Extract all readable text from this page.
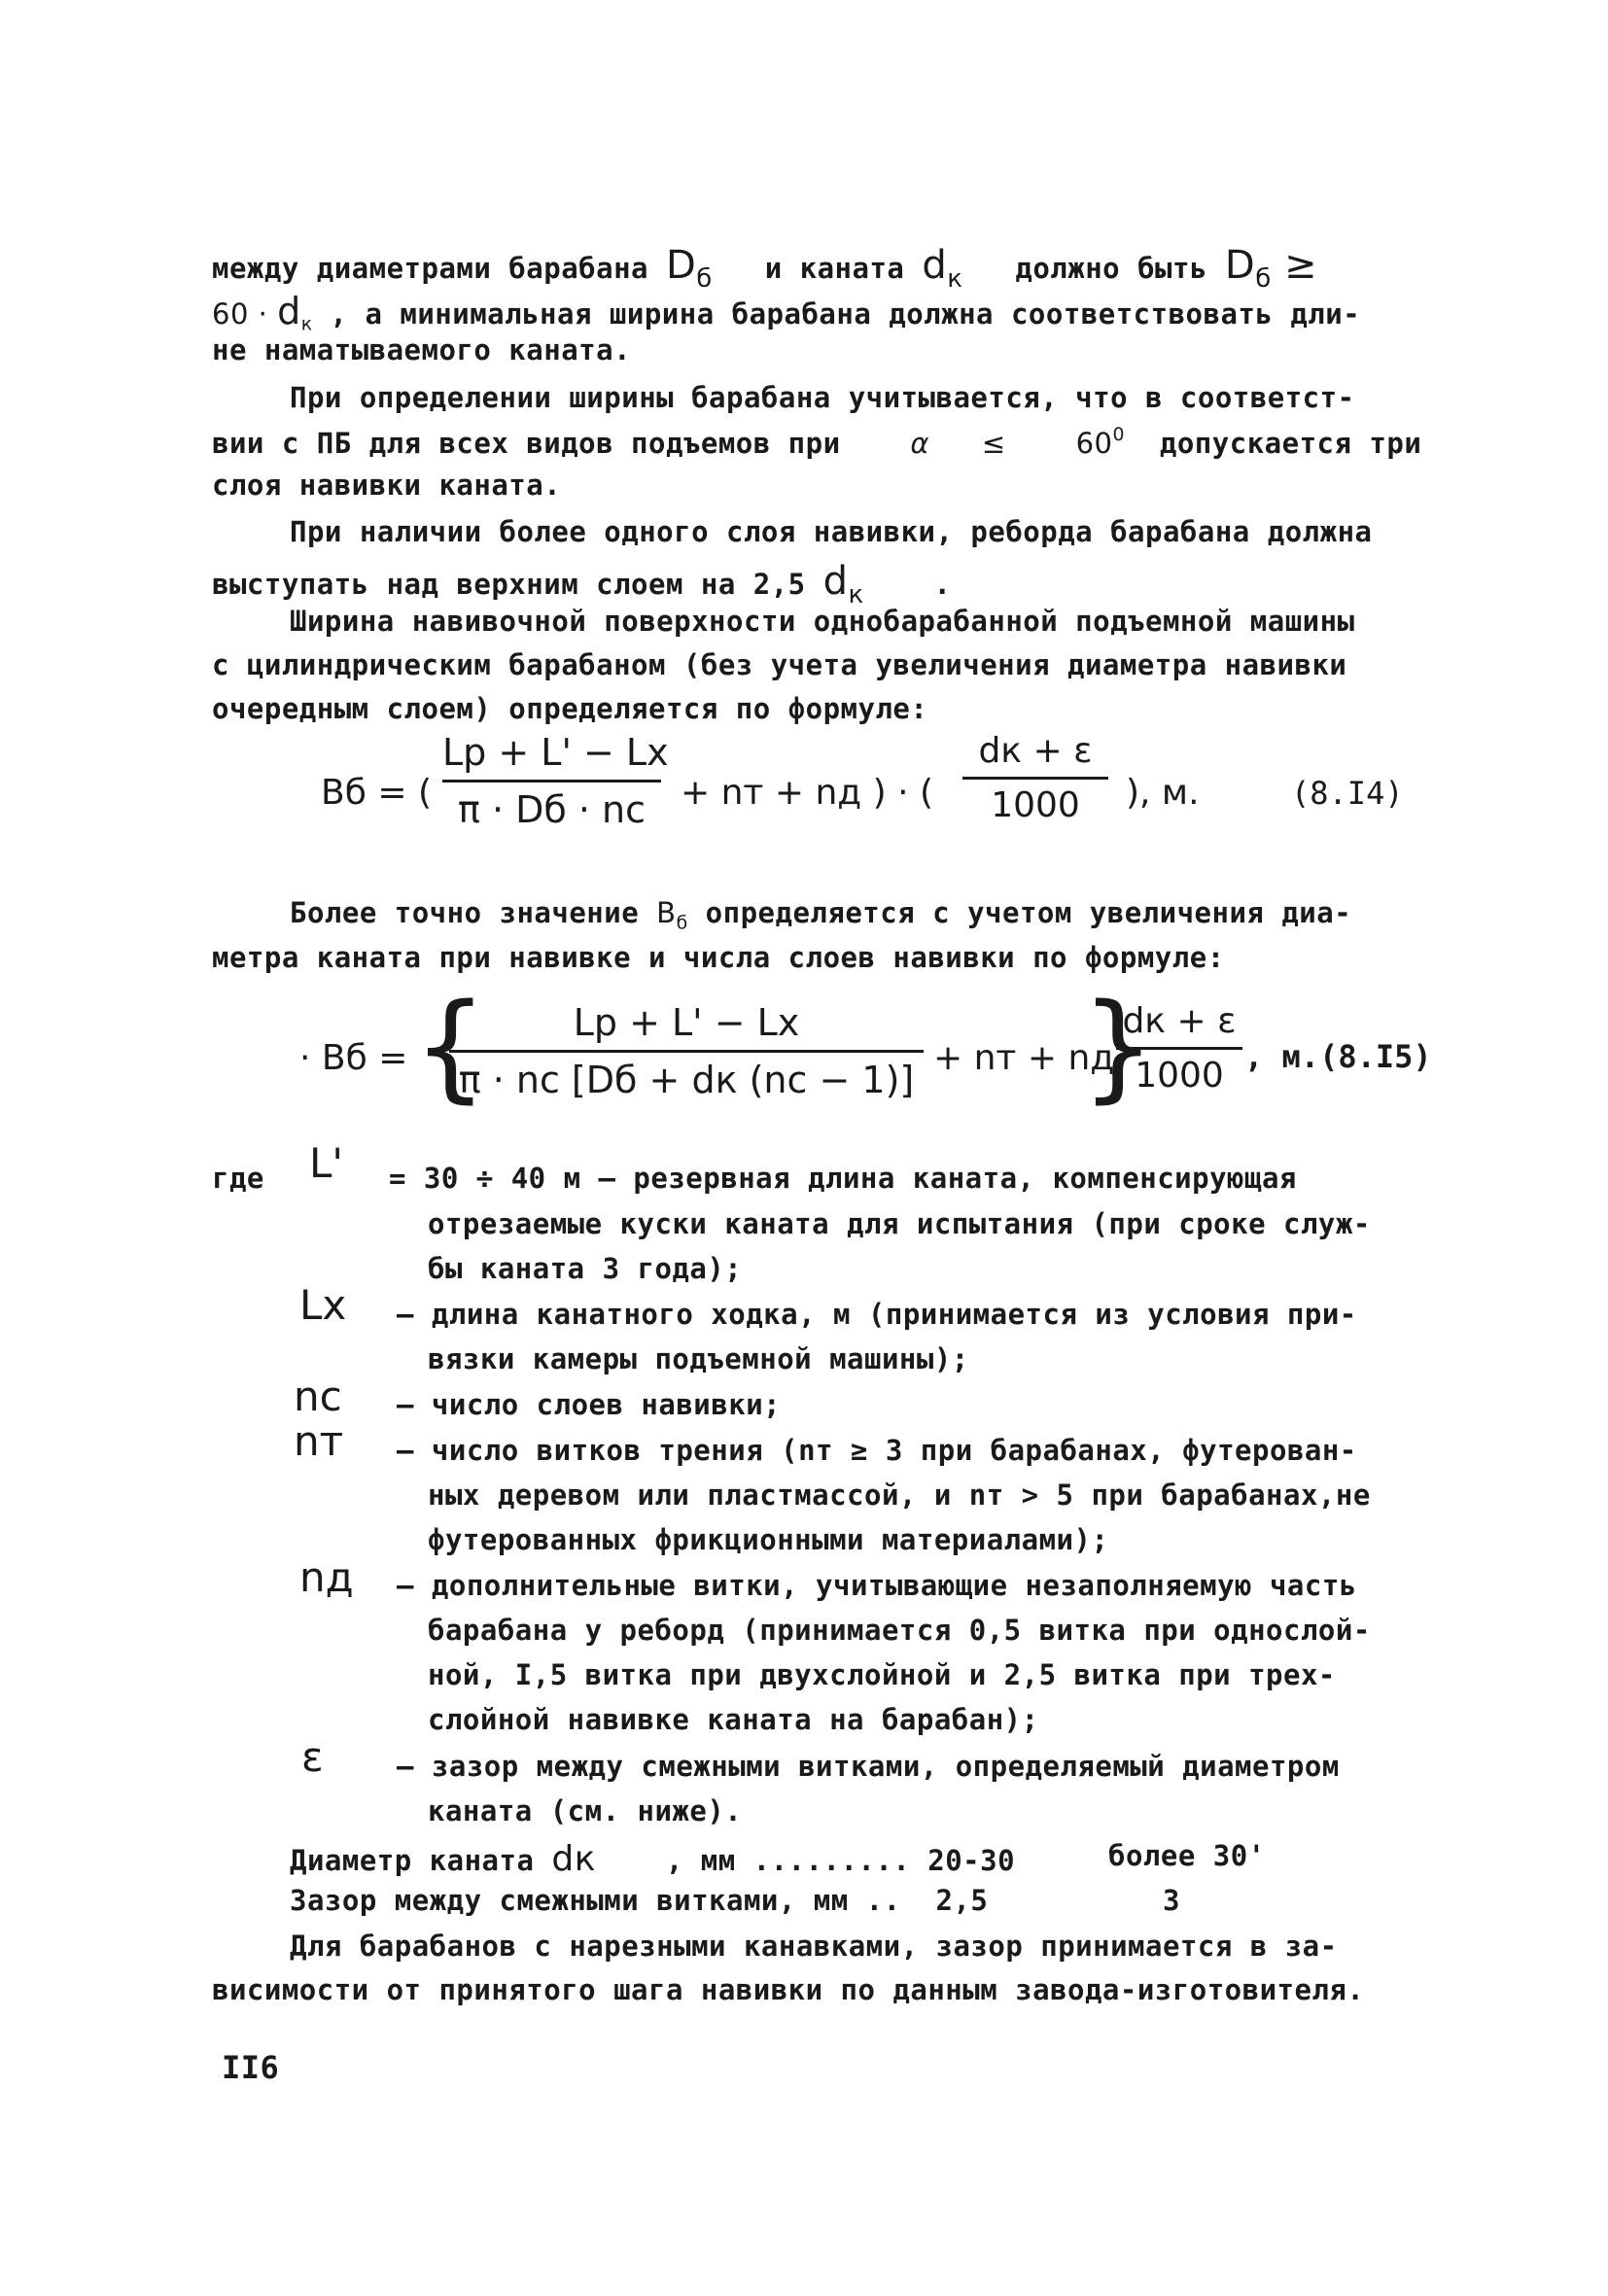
между диаметрами барабана $D_б$ и каната $d_к$ должно быть $D_б$ ≥
$60 \cdot d_к$ , а минимальная ширина барабана должна соответствовать дли-
не наматываемого каната.
При определении ширины барабана учитывается, что в соответст-
вии с ПБ для всех видов подъемов при $\alpha \le 60^0$ допускается три
слоя навивки каната.
При наличии более одного слоя навивки, реборда барабана должна
выступать над верхним слоем на 2,5 $d_к$ .
Ширина навивочной поверхности однобарабанной подъемной машины
с цилиндрическим барабаном (без учета увеличения диаметра навивки
очередным слоем) определяется по формуле:
Bб = (
Lр + L' − Lх
π · Dб · nс + nт + nд ) · (
dк + ε
1000	), м.	(8.I4)
Более точно значение $B_б$ определяется с учетом увеличения диа-
метра каната при навивке и числа слоев навивки по формуле:
· Bб = {	Lр + L' − Lх
π · nс [Dб + dк (nс − 1)]
+ nт + nд
}
dк + ε
1000 , м.(8.I5)
где L' = 30 ÷ 40 м – резервная длина каната, компенсирующая
отрезаемые куски каната для испытания (при сроке служ-
бы каната 3 года);
Lх – длина канатного ходка, м (принимается из условия при-
вязки камеры подъемной машины);
nс – число слоев навивки;
nт – число витков трения (nт ≥ 3 при барабанах, футерован-
ных деревом или пластмассой, и nт > 5 при барабанах,не
футерованных фрикционными материалами);
nд – дополнительные витки, учитывающие незаполняемую часть
барабана у реборд (принимается 0,5 витка при однослой-
ной, I,5 витка при двухслойной и 2,5 витка при трех-
слойной навивке каната на барабан);
ε	– зазор между смежными витками, определяемый диаметром
каната (см. ниже).
Диаметр каната dк , мм ......... 20-30	более 30'
Зазор между смежными витками, мм .. 2,5	3
Для барабанов с нарезными канавками, зазор принимается в за-
висимости от принятого шага навивки по данным завода-изготовителя.
II6
